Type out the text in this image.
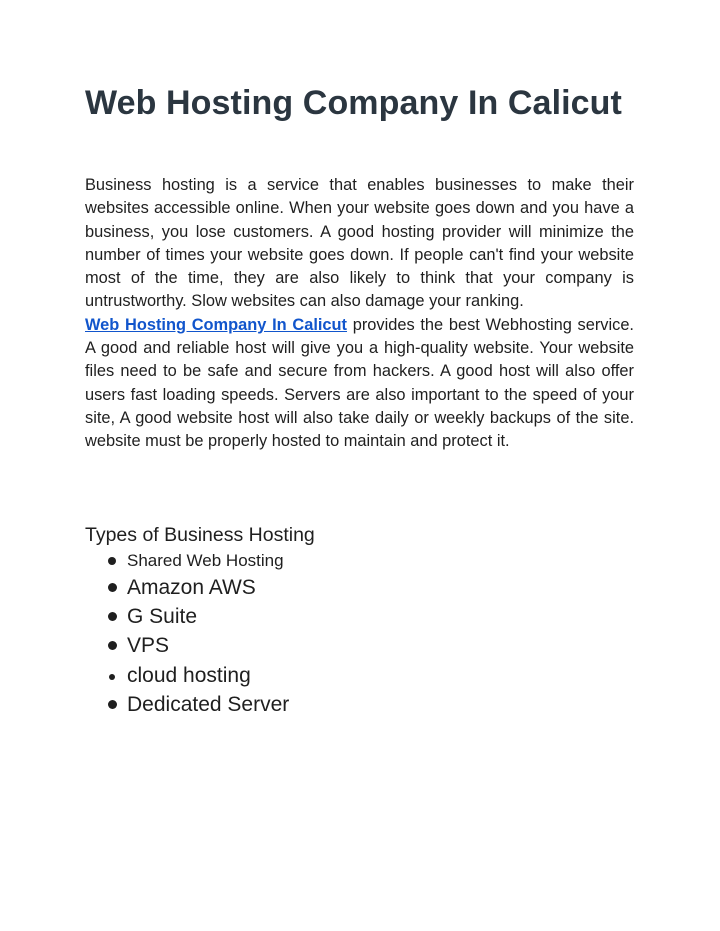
Web Hosting Company In Calicut

Business hosting is a service that enables businesses to make their websites accessible online. When your website goes down and you have a business, you lose customers. A good hosting provider will minimize the number of times your website goes down. If people can't find your website most of the time, they are also likely to think that your company is untrustworthy. Slow websites can also damage your ranking.

Web Hosting Company In Calicut provides the best Webhosting service. A good and reliable host will give you a high-quality website. Your website files need to be safe and secure from hackers. A good host will also offer users fast loading speeds. Servers are also important to the speed of your site, A good website host will also take daily or weekly backups of the site. website must be properly hosted to maintain and protect it.

Types of Business Hosting
Shared Web Hosting
Amazon AWS
G Suite
VPS
cloud hosting
Dedicated Server
